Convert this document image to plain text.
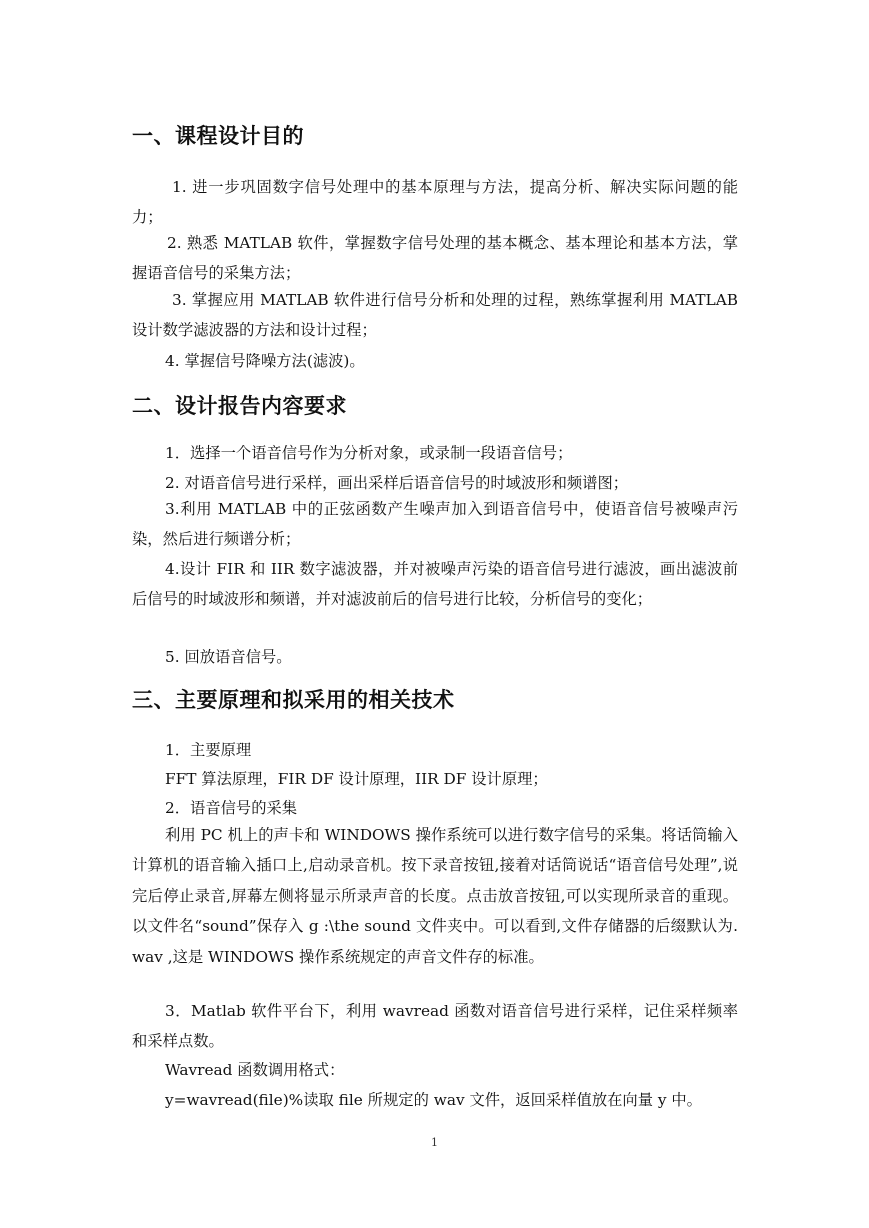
一、课程设计目的
1. 进一步巩固数字信号处理中的基本原理与方法，提高分析、解决实际问题的能力；
2. 熟悉 MATLAB 软件，掌握数字信号处理的基本概念、基本理论和基本方法，掌握语音信号的采集方法；
3. 掌握应用 MATLAB 软件进行信号分析和处理的过程，熟练掌握利用 MATLAB 设计数学滤波器的方法和设计过程；
4. 掌握信号降噪方法(滤波)。
二、设计报告内容要求
1．选择一个语音信号作为分析对象，或录制一段语音信号；
2. 对语音信号进行采样，画出采样后语音信号的时域波形和频谱图；
3.利用 MATLAB 中的正弦函数产生噪声加入到语音信号中，使语音信号被噪声污染，然后进行频谱分析；
4.设计 FIR 和 IIR 数字滤波器，并对被噪声污染的语音信号进行滤波，画出滤波前后信号的时域波形和频谱，并对滤波前后的信号进行比较，分析信号的变化；
5. 回放语音信号。
三、主要原理和拟采用的相关技术
1．主要原理
FFT 算法原理，FIR DF 设计原理，IIR DF 设计原理；
2．语音信号的采集
利用 PC 机上的声卡和 WINDOWS 操作系统可以进行数字信号的采集。将话筒输入计算机的语音输入插口上,启动录音机。按下录音按钮,接着对话筒说话“语音信号处理”,说完后停止录音,屏幕左侧将显示所录声音的长度。点击放音按钮,可以实现所录音的重现。以文件名“sound”保存入 g :\the sound 文件夹中。可以看到,文件存储器的后缀默认为. wav ,这是 WINDOWS 操作系统规定的声音文件存的标准。
3．Matlab 软件平台下，利用 wavread 函数对语音信号进行采样，记住采样频率和采样点数。
Wavread 函数调用格式：
y=wavread(file)%读取 file 所规定的 wav 文件，返回采样值放在向量 y 中。
1
